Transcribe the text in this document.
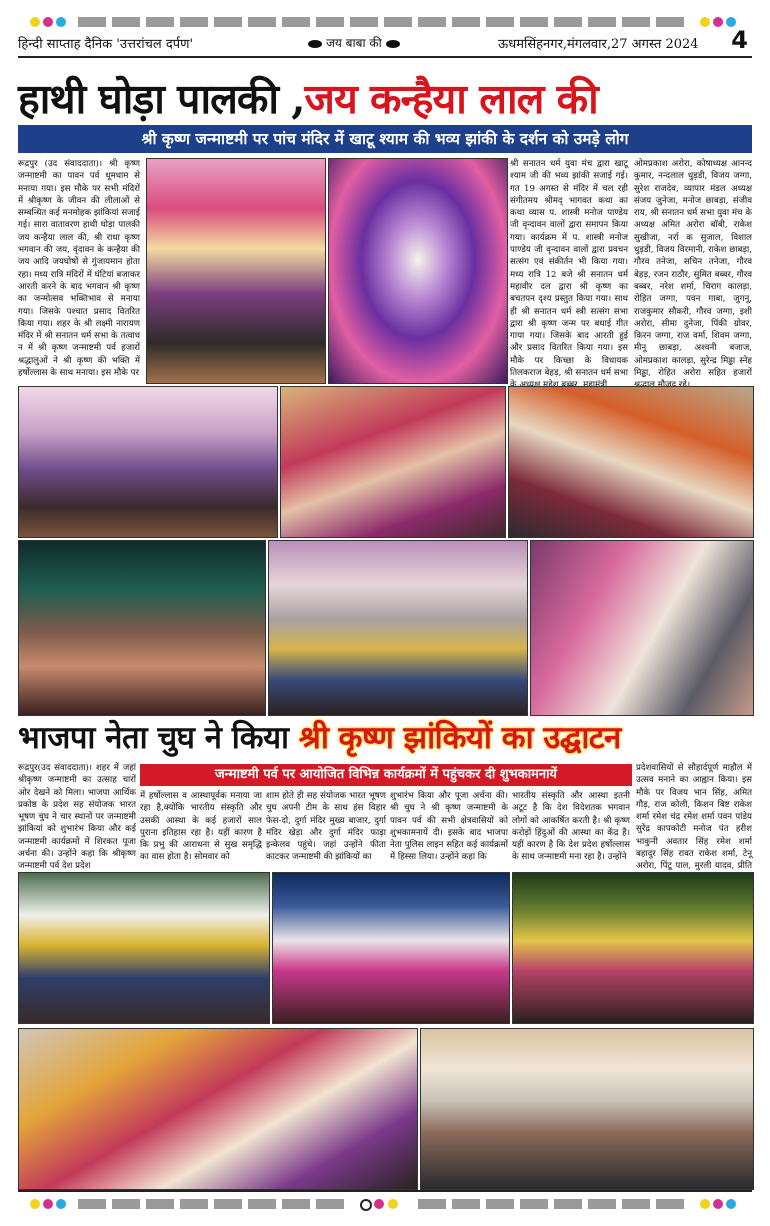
हिन्दी साप्ताह दैनिक 'उत्तरांचल दर्पण'	जय बाबा की	ऊधमसिंहनगर,मंगलवार,27 अगस्त 2024 4
हाथी घोड़ा पालकी ,जय कन्हैया लाल की
श्री कृष्ण जन्माष्टमी पर पांच मंदिर में खाटू श्याम की भव्य झांकी के दर्शन को उमड़े लोग
रूद्रपुर (उद संवाददाता)। श्री कृष्ण जन्माष्टमी का पावन पर्व धूमधाम से मनाया गया। इस मौके पर सभी मंदिरों में श्रीकृष्ण के जीवन की लीलाओं से सम्बन्धित कई मनमोहक झांकियां सजाई गई। सारा वातावरण हाथी घोड़ा पालकी जय कन्हैया लाल की, श्री राधा कृष्ण भगवान की जय, वृंदावन के कन्हैया की जय आदि जयघोषों से गुंजायमान होता रहा। मध्य रात्रि मंदिरों में घंटियां बजाकर आरती करने के बाद भगवान श्री कृष्ण का जन्मोत्सव भक्तिभाव से मनाया गया। जिसके पश्चात प्रसाद वितरित किया गया। शहर के श्री लक्ष्मी नारायण मंदिर में श्री सनातन धर्म सभा के तत्वाध न में श्री कृष्ण जन्माष्टमी पर्व हजारों श्रद्धालुओं ने श्री कृष्ण की भक्ति में हर्षोल्लास के साथ मनाया। इस मौके पर
श्री सनातन धर्म युवा मंच द्वारा खाटू श्याम जी की भव्य झांकी सजाई गई। गत 19 अगस्त से मंदिर में चल रही संगीतमय श्रीमद् भागवत कथा का कथा व्यास प. शास्त्री मनोज पाण्डेय जी वृन्दावन वालों द्वारा समापन किया गया। कार्यक्रम में प. शास्त्री मनोज पाण्डेय जी वृन्दावन वालों द्वारा प्रवचन सत्संग एवं संकीर्तन भी किया गया। मध्य रात्रि 12 बजे श्री सनातन धर्म महावीर दल द्वारा श्री कृष्ण का बचतपन दृश्य प्रस्तुत किया गया। साथ ही श्री सनातन धर्म स्त्री सत्संग सभा द्वारा श्री कृष्ण जन्म पर बधाई गीत गाया गया। जिसके बाद आरती हुई और प्रसाद वितरित किया गया। इस मौके पर किच्छा के विधायक तिलकराज बेहड़, श्री सनातन धर्म सभा
ओमप्रकाश अरोरा, कोषाध्यक्ष आनन्द कुमार, नन्दलाल धुड़डी, विजय जग्गा, सुरेश राजदेव, व्यापार मंडल अध्यक्ष संजय जुनेजा, मनोज छाबड़ा, संजीव राय, श्री सनातन धर्म सभा युवा मंच के अध्यक्ष अमित अरोरा बॉबी, राकेश सुखीजा, नर्रा क सुजाल, विशाल धुड़डी, विजय विरमानी, राकेश छाबड़ा, गौरव तनेजा, सचिन तनेजा, गौरव बेहड़, रजन राठौर, सुमित बब्बर, गौरव बब्बर, नरेश शर्मा, चिराग कालड़ा, रोहित जग्गा, पवन गाबा, जुगनू, राजकुमार सौकरी, गौरव जग्गा, इशी अरोरा, सीमा दुनेजा, पिंकी ग्रोवर, किरन जग्गा, राज वर्मा, शिवम जग्गा, मीनू छाबड़ा, अश्वनी बजाज, ओमप्रकाश कालड़ा, सुरेन्द्र मिड्ढा स्नेह मिड्ढा, रोहित अरोरा सहित हजारों
भाजपा नेता चुघ ने किया श्री कृष्ण झांकियों का उद्घाटन
जन्माष्टमी पर्व पर आयोजित विभिन्न कार्यक्रमों में पहुंचकर दी शुभकामनायें
रूद्रपुर(उद संवाददाता)। शहर में जहां श्रीकृष्ण जन्माष्टमी का उत्साह चारों ओर देखने को मिला। भाजपा आर्थिक प्रकोष्ठ के प्रदेश सह संयोजक भारत भूषण चुघ ने चार स्थानों पर जन्माष्टमी झांकियां को शुभारंभ किया और कई जन्माष्टमी कार्यक्रमों में शिरकत पूजा अर्चना की। उन्होंने कहा कि श्रीकृष्ण जन्माष्टमी पर्व देश प्रदेश
में हर्षोल्लास व आस्थापूर्वक मनाया जा रहा है,क्योंकि भारतीय संस्कृति और उसकी आस्था के कई हजारों साल पुराना इतिहास रहा है। यहीं कारण है कि प्रभु की आराधना से सुख समृद्धि का वास होता है। सोमवार को
शाम होते ही सह संयोजक भारत भूषण चुघ अपनी टीम के साथ हंस विहार फेस-दो, दुर्गा मंदिर मुख्य बाजार, दुर्गा मंदिर खेड़ा और दुर्गा मंदिर फाड़ा इन्केलव पहुंचे। जहां उन्होंने फीता काटकर जन्माष्टमी की झांकियों का
शुभारंभ किया और पूजा अर्चना की। श्री चुघ ने श्री कृष्ण जन्माष्टमी के पावन पर्व की सभी क्षेत्रवासियों को शुभकामनायें दी। इसके बाद भाजपा नेता पुलिस लाइन सहित कई कार्यक्रमों में हिस्सा लिया। उन्होंने कहा कि
भारतीय संस्कृति और आस्था इतनी अटूट है कि देश विदेशतक भगवान लोगों को आकर्षित करती है। श्री कृष्ण करोड़ों हिंदुओं की आस्था का केंद्र है। यहीं कारण है कि देश प्रदेश हर्षोल्लास के साथ जन्माष्टमी मना रहा है। उन्होंने
प्रदेशवासियों से सौहार्दपूर्ण माहौल में उत्सव मनाने का आह्वान किया। इस मौके पर विजय भान सिंह, अमित गौड़, राज कोली, किशन बिष्ट राकेश शर्मा रमेश चंद्र रमेश शर्मा पवन पांडेय सुरेंद्र कापकोटी मनोज पंत हरीश भाकुनी अवतार सिंह रमेश शर्मा बहादुर सिंह रावत राकेश शर्मा, टेनू अरोरा, पिंटू पाल, मुरली यादव, प्रीति
